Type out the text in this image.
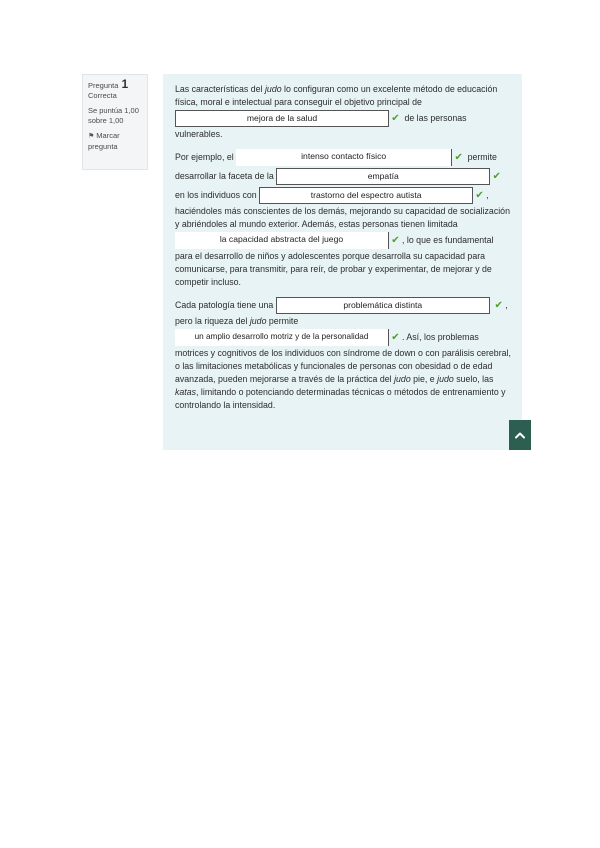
Pregunta 1
Correcta
Se puntúa 1,00 sobre 1,00
⚑ Marcar pregunta

Las características del judo lo configuran como un excelente método de educación física, moral e intelectual para conseguir el objetivo principal de mejora de la salud	✔ de las personas vulnerables.

Por ejemplo, el	intenso contacto físico	✔ permite desarrollar la faceta de la	empatía	✔ en los individuos con	trastorno del espectro autista	✔ , haciéndoles más conscientes de los demás, mejorando su capacidad de socialización y abriéndoles al mundo exterior. Además, estas personas tienen limitada la capacidad abstracta del juego	✔ , lo que es fundamental para el desarrollo de niños y adolescentes porque desarrolla su capacidad para comunicarse, para transmitir, para reír, de probar y experimentar, de mejorar y de competir incluso.

Cada patología tiene una	problemática distinta	✔ , pero la riqueza del judo permite un amplio desarrollo motriz y de la personalidad ✔ . Así, los problemas motrices y cognitivos de los individuos con síndrome de down o con parálisis cerebral, o las limitaciones metabólicas y funcionales de personas con obesidad o de edad avanzada, pueden mejorarse a través de la práctica del judo pie, e judo suelo, las katas, limitando o potenciando determinadas técnicas o métodos de entrenamiento y controlando la intensidad.
